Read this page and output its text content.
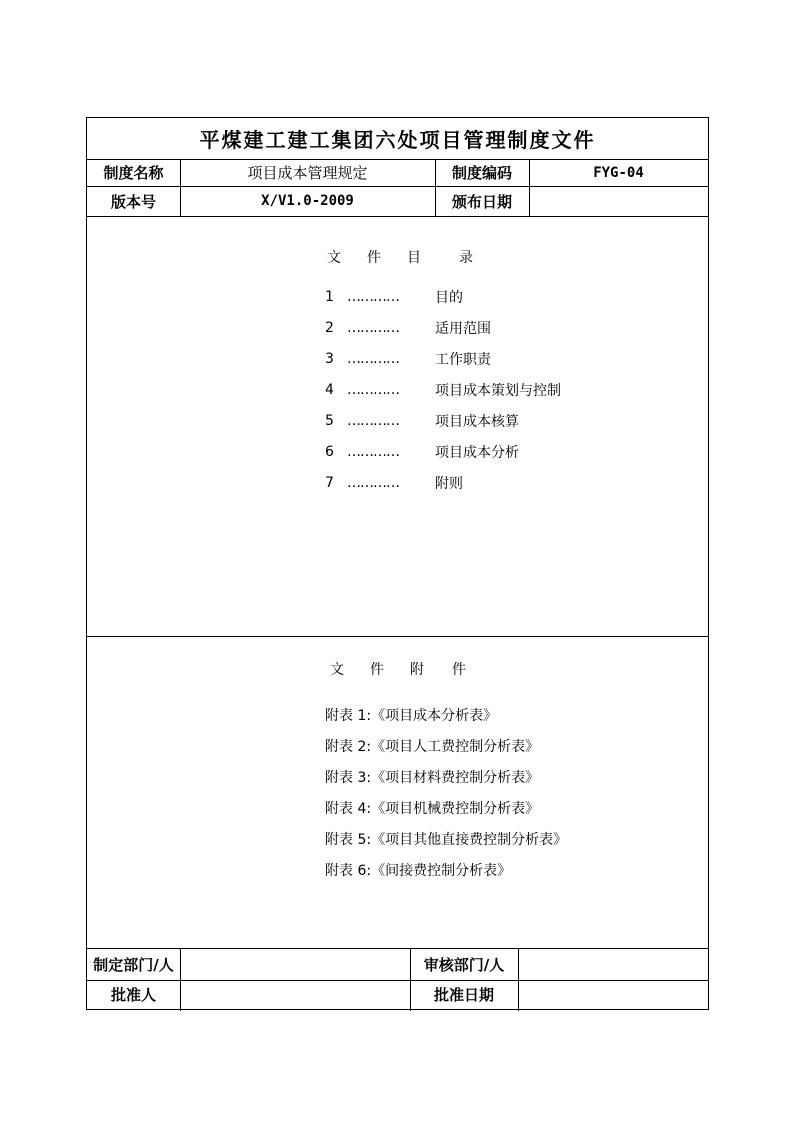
平煤建工建工集团六处项目管理制度文件
制度名称	项目成本管理规定	制度编码	FYG-04
版本号	X/V1.0-2009	颁布日期
文 件 目	录
1 …………	目的
2 …………	适用范围
3 …………	工作职责
4 …………	项目成本策划与控制
5 …………	项目成本核算
6 …………	项目成本分析
7 …………	附则
文 件 附 件
附表 1:《项目成本分析表》
附表 2:《项目人工费控制分析表》
附表 3:《项目材料费控制分析表》
附表 4:《项目机械费控制分析表》
附表 5:《项目其他直接费控制分析表》
附表 6:《间接费控制分析表》
制定部门/人	审核部门/人
批准人	批准日期
